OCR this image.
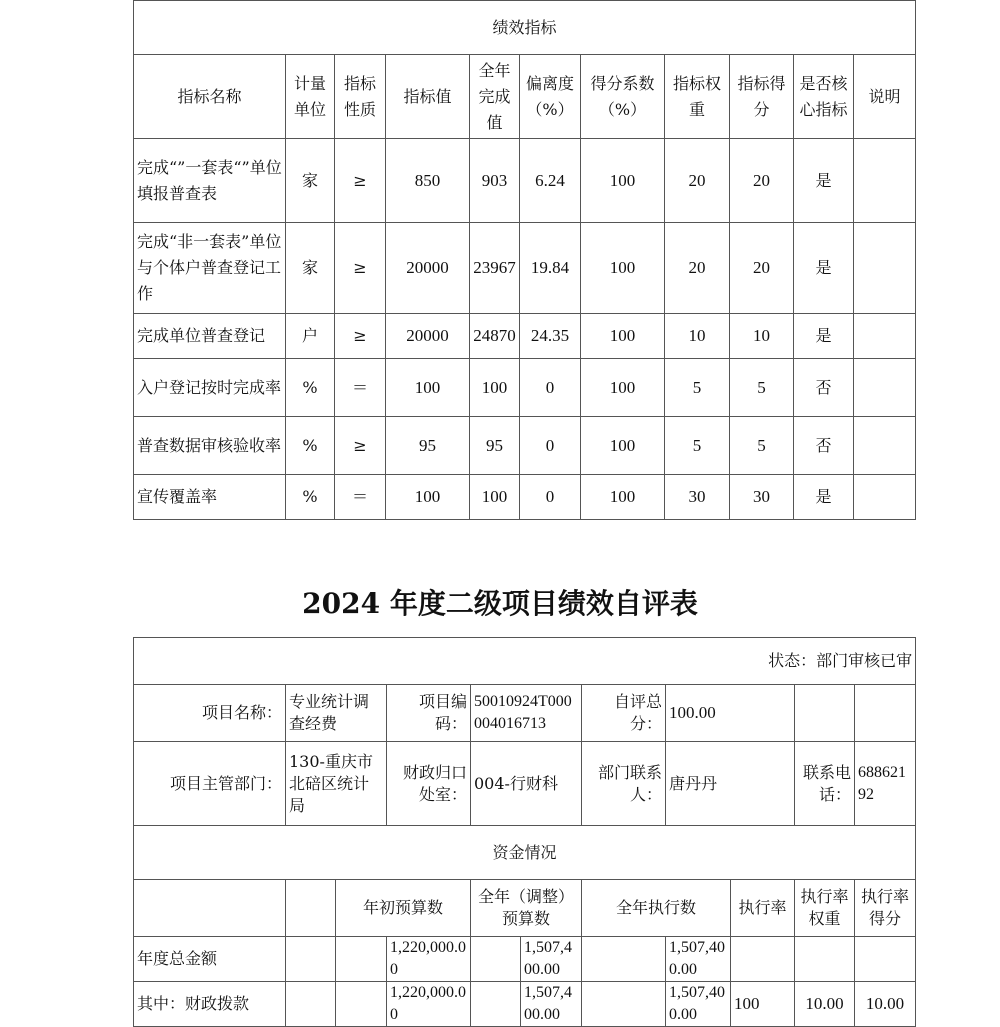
绩效指标										
指标名称	计量单位	指标性质	指标值	全年完成值	偏离度（%）	得分系数（%）	指标权重	指标得分	是否核心指标	说明
完成“”一套表“”单位填报普查表	家	≥	850	903	6.24	100	20	20	是	
完成“非一套表”单位与个体户普查登记工作	家	≥	20000	23967	19.84	100	20	20	是	
完成单位普查登记	户	≥	20000	24870	24.35	100	10	10	是	
入户登记按时完成率	%	＝	100	100	0	100	5	5	否	
普查数据审核验收率	%	≥	95	95	0	100	5	5	否	
宣传覆盖率	%	＝	100	100	0	100	30	30	是	
2024 年度二级项目绩效自评表
状态：部门审核已审										
项目名称：	专业统计调查经费		项目编码：	50010924T000004016713		自评总分：	100.00			
项目主管部门：	130-重庆市北碚区统计局		财政归口处室：	004-行财科		部门联系人：	唐丹丹		联系电话：	68862192
资金情况										
		年初预算数		全年（调整）预算数		全年执行数		执行率	执行率权重	执行率得分
年度总金额			1,220,000.00		1,507,400.00		1,507,400.00			
其中：财政拨款			1,220,000.00		1,507,400.00		1,507,400.00	100	10.00	10.00
